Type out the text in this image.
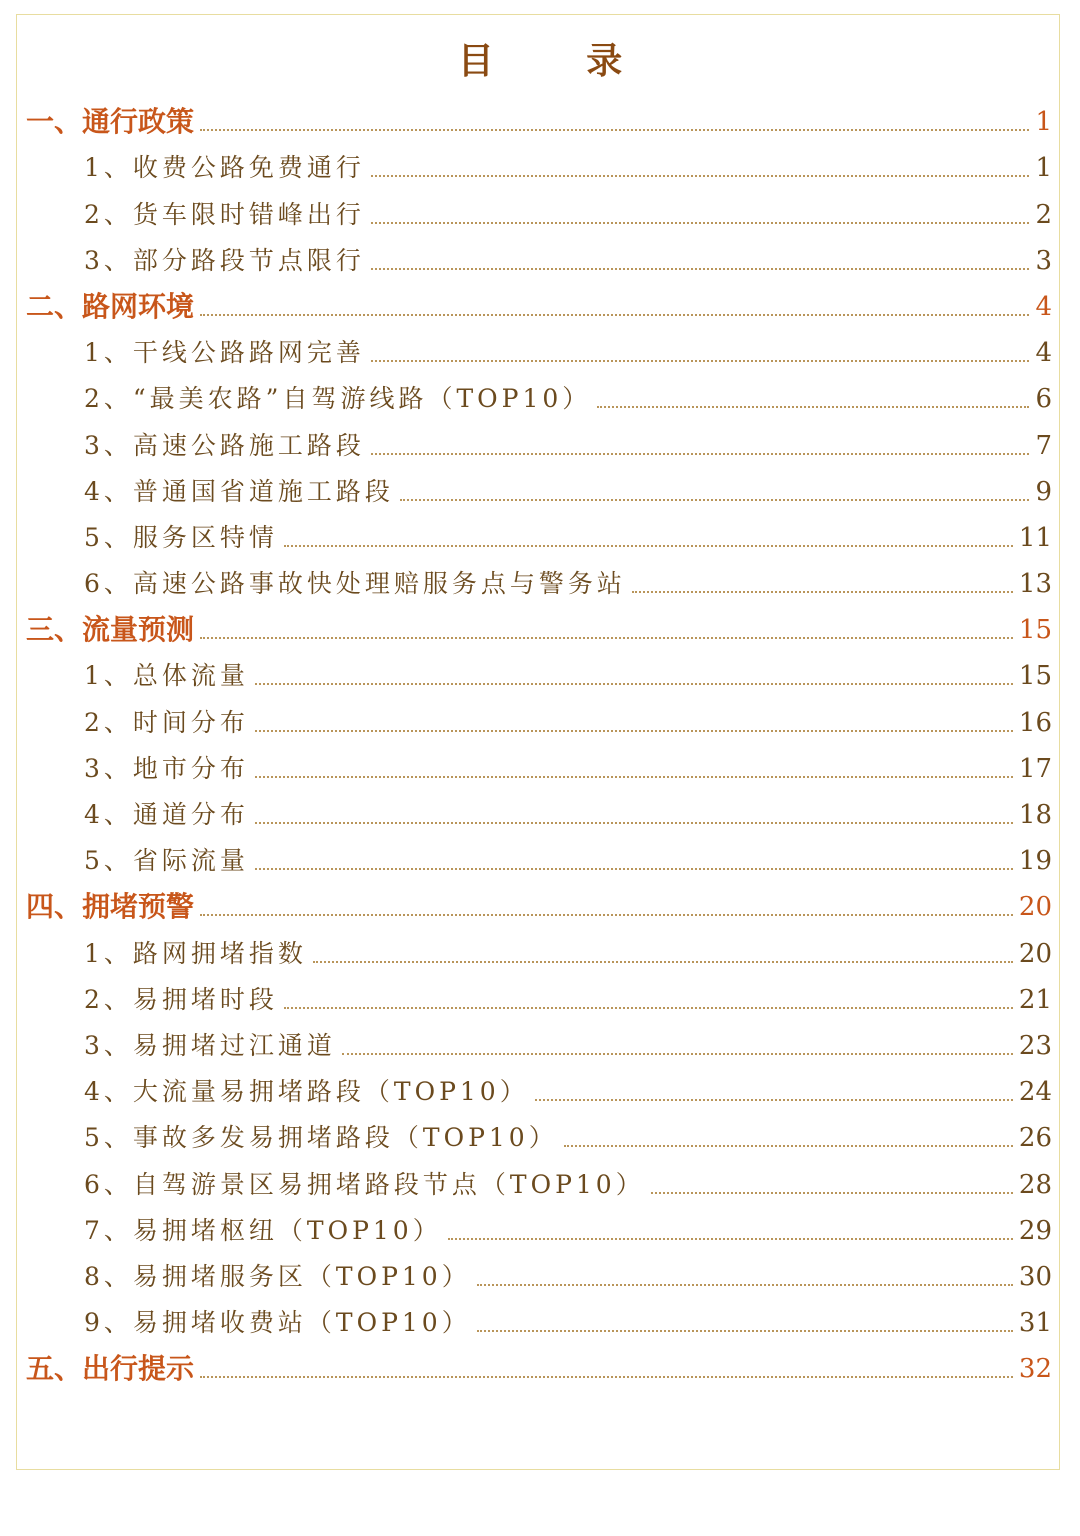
目 录
一、通行政策	1
1、收费公路免费通行	1
2、货车限时错峰出行	2
3、部分路段节点限行	3
二、路网环境	4
1、干线公路路网完善	4
2、“最美农路”自驾游线路（TOP10）	6
3、高速公路施工路段	7
4、普通国省道施工路段	9
5、服务区特情	11
6、高速公路事故快处理赔服务点与警务站	13
三、流量预测	15
1、总体流量	15
2、时间分布	16
3、地市分布	17
4、通道分布	18
5、省际流量	19
四、拥堵预警	20
1、路网拥堵指数	20
2、易拥堵时段	21
3、易拥堵过江通道	23
4、大流量易拥堵路段（TOP10）	24
5、事故多发易拥堵路段（TOP10）	26
6、自驾游景区易拥堵路段节点（TOP10）	28
7、易拥堵枢纽（TOP10）	29
8、易拥堵服务区（TOP10）	30
9、易拥堵收费站（TOP10）	31
五、出行提示	32
